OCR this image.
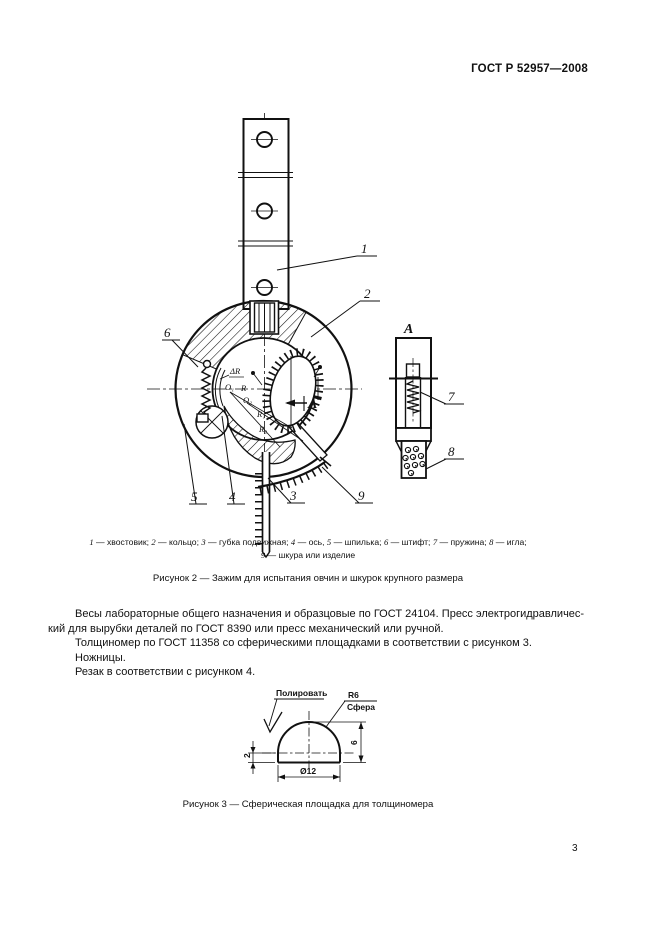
ГОСТ Р 52957—2008
ΔR
О₁ R
О₂
R₁
R₂
А
1
2
6
5 4	3	9
А
7
8
1 — хвостовик; 2 — кольцо; 3 — губка подвижная; 4 — ось, 5 — шпилька; 6 — штифт; 7 — пружина; 8 — игла;
9 — шкура или изделие
Рисунок 2 — Зажим для испытания овчин и шкурок крупного размера
Весы лабораторные общего назначения и образцовые по ГОСТ 24104. Пресс электрогидравличес-
кий для вырубки деталей по ГОСТ 8390 или пресс механический или ручной.
Толщиномер по ГОСТ 11358 со сферическими площадками в соответствии с рисунком 3.
Ножницы.
Резак в соответствии с рисунком 4.
Полировать R6
Сфера
6
2
Ø12
Рисунок 3 — Сферическая площадка для толщиномера
3
